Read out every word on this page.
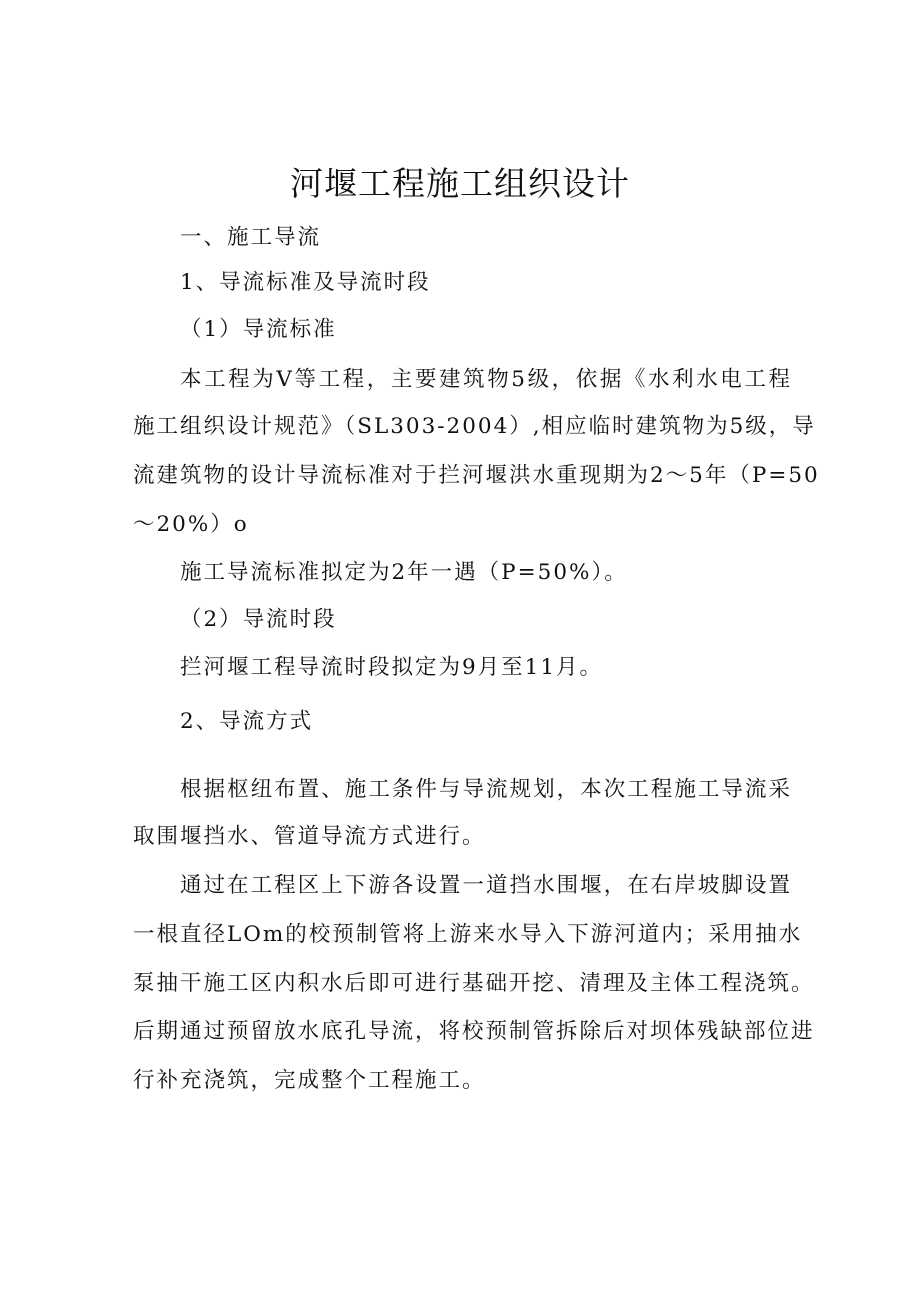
河堰工程施工组织设计
一、施工导流
1、导流标准及导流时段
（1）导流标准
本工程为V等工程，主要建筑物5级，依据《水利水电工程
施工组织设计规范》（SL303-2004）,相应临时建筑物为5级，导
流建筑物的设计导流标准对于拦河堰洪水重现期为2～5年（P=50
～20%）o
施工导流标准拟定为2年一遇（P=50%）。
（2）导流时段
拦河堰工程导流时段拟定为9月至11月。
2、导流方式
根据枢纽布置、施工条件与导流规划，本次工程施工导流采
取围堰挡水、管道导流方式进行。
通过在工程区上下游各设置一道挡水围堰，在右岸坡脚设置
一根直径LOm的校预制管将上游来水导入下游河道内；采用抽水
泵抽干施工区内积水后即可进行基础开挖、清理及主体工程浇筑。
后期通过预留放水底孔导流，将校预制管拆除后对坝体残缺部位进
行补充浇筑，完成整个工程施工。
